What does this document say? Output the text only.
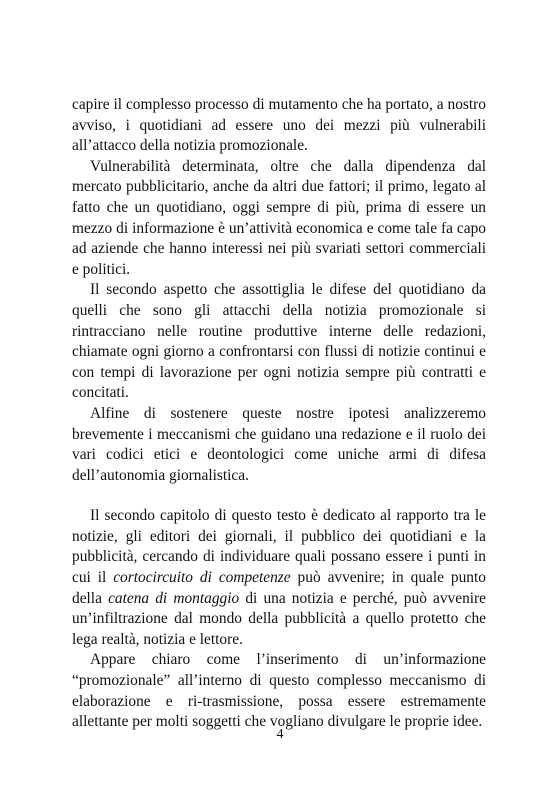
capire il complesso processo di mutamento che ha portato, a nostro avviso, i quotidiani ad essere uno dei mezzi più vulnerabili all’attacco della notizia promozionale.

Vulnerabilità determinata, oltre che dalla dipendenza dal mercato pubblicitario, anche da altri due fattori; il primo, legato al fatto che un quotidiano, oggi sempre di più, prima di essere un mezzo di informazione è un’attività economica e come tale fa capo ad aziende che hanno interessi nei più svariati settori commerciali e politici.

Il secondo aspetto che assottiglia le difese del quotidiano da quelli che sono gli attacchi della notizia promozionale si rintracciano nelle routine produttive interne delle redazioni, chiamate ogni giorno a confrontarsi con flussi di notizie continui e con tempi di lavorazione per ogni notizia sempre più contratti e concitati.

Alfine di sostenere queste nostre ipotesi analizzeremo brevemente i meccanismi che guidano una redazione e il ruolo dei vari codici etici e deontologici come uniche armi di difesa dell’autonomia giornalistica.

Il secondo capitolo di questo testo è dedicato al rapporto tra le notizie, gli editori dei giornali, il pubblico dei quotidiani e la pubblicità, cercando di individuare quali possano essere i punti in cui il cortocircuito di competenze può avvenire; in quale punto della catena di montaggio di una notizia e perché, può avvenire un’infiltrazione dal mondo della pubblicità a quello protetto che lega realtà, notizia e lettore.

Appare chiaro come l’inserimento di un’informazione “promozionale” all’interno di questo complesso meccanismo di elaborazione e ri-trasmissione, possa essere estremamente allettante per molti soggetti che vogliano divulgare le proprie idee.

4
